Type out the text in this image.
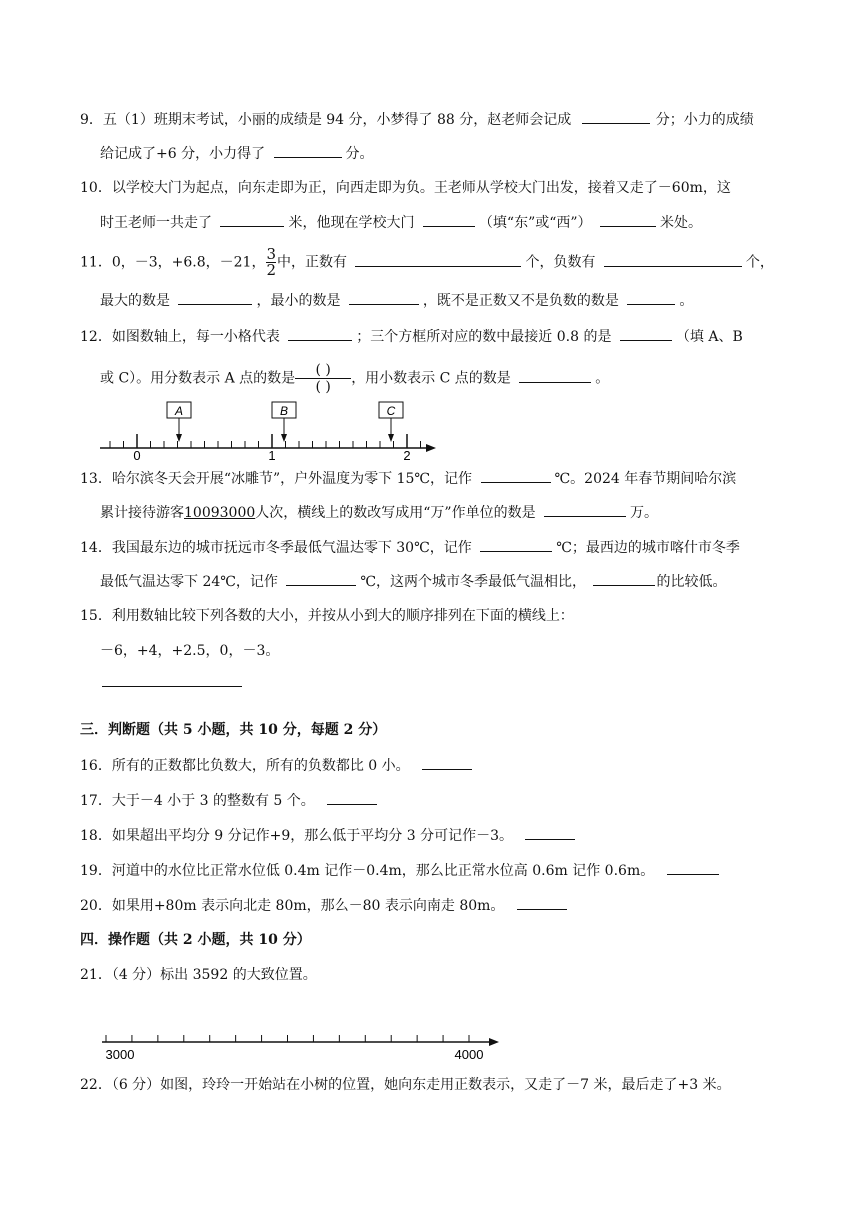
9．五（1）班期末考试，小丽的成绩是 94 分，小梦得了 88 分，赵老师会记成	分；小力的成绩
给记成了+6 分，小力得了	分。
10．以学校大门为起点，向东走即为正，向西走即为负。王老师从学校大门出发，接着又走了－60m，这
时王老师一共走了	米，他现在学校大门	（填“东”或“西”）	米处。
11．0，－3，+6.8，－21，$\frac{3}{2}$中，正数有	个，负数有	个，
最大的数是	，最小的数是	，既不是正数又不是负数的数是	。
12．如图数轴上，每一小格代表	；三个方框所对应的数中最接近 0.8 的是	（填 A、B
或 C）。用分数表示 A 点的数是( )
( )，用小数表示 C 点的数是	。
A	B	C
0	1	2
13．哈尔滨冬天会开展“冰雕节”，户外温度为零下 15℃，记作	℃。2024 年春节期间哈尔滨
累计接待游客10093000人次，横线上的数改写成用“万”作单位的数是	万。
14．我国最东边的城市抚远市冬季最低气温达零下 30℃，记作	℃；最西边的城市喀什市冬季
最低气温达零下 24℃，记作	℃，这两个城市冬季最低气温相比，	的比较低。
15．利用数轴比较下列各数的大小，并按从小到大的顺序排列在下面的横线上：
－6，+4，+2.5，0，－3。
三．判断题（共 5 小题，共 10 分，每题 2 分）
16．所有的正数都比负数大，所有的负数都比 0 小。
17．大于－4 小于 3 的整数有 5 个。
18．如果超出平均分 9 分记作+9，那么低于平均分 3 分可记作－3。
19．河道中的水位比正常水位低 0.4m 记作－0.4m，那么比正常水位高 0.6m 记作 0.6m。
20．如果用+80m 表示向北走 80m，那么－80 表示向南走 80m。
四．操作题（共 2 小题，共 10 分）
21．（4 分）标出 3592 的大致位置。
3000	4000
22．（6 分）如图，玲玲一开始站在小树的位置，她向东走用正数表示，又走了－7 米，最后走了+3 米。
